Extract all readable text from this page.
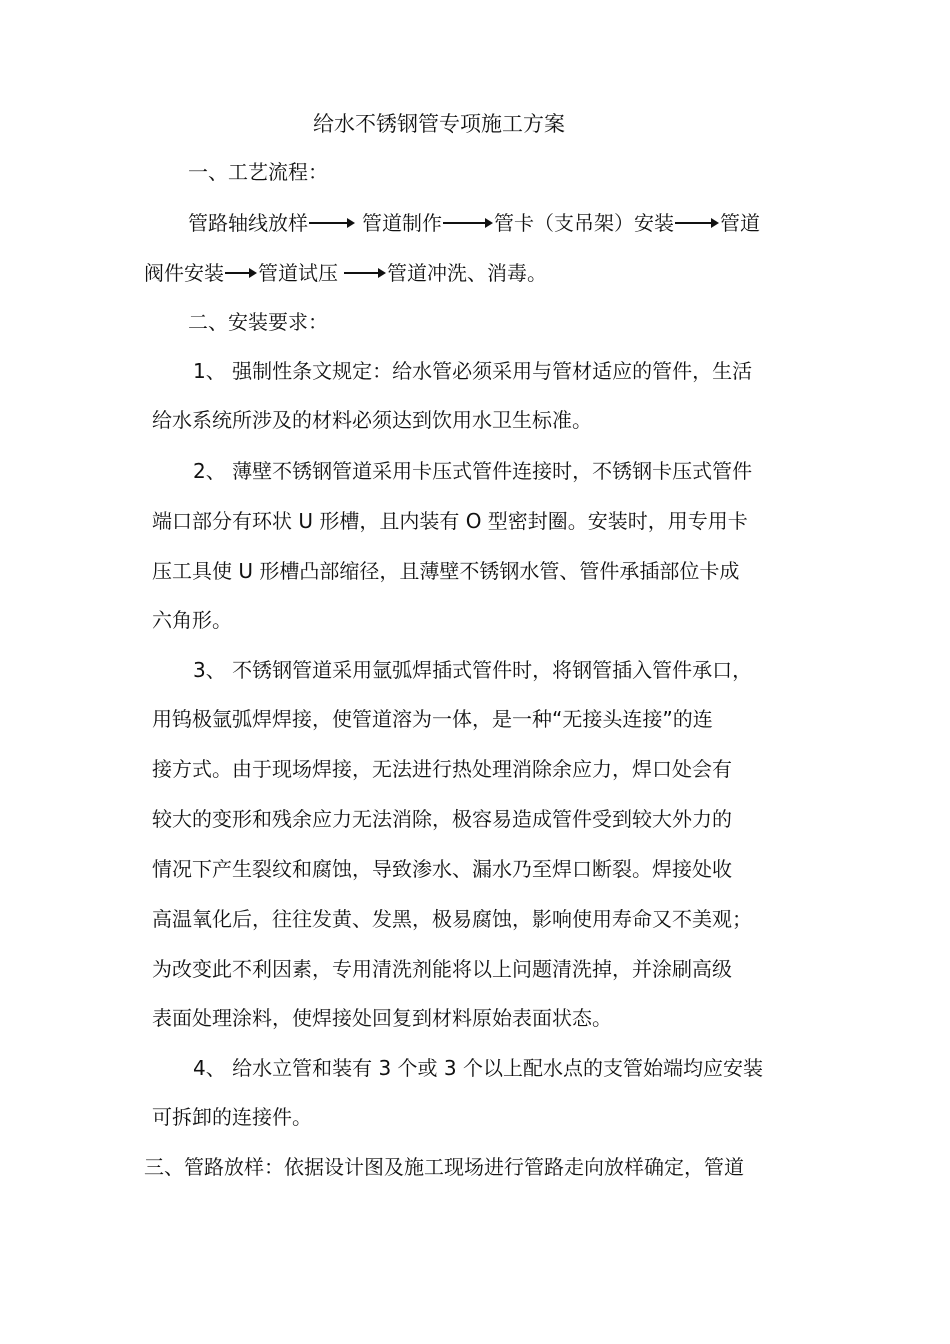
给水不锈钢管专项施工方案
一、工艺流程：
管路轴线放样	管道制作	管卡（支吊架）安装 管道
阀件安装 管道试压 管道冲洗、消毒。
二、安装要求：
1、 强制性条文规定：给水管必须采用与管材适应的管件，生活
给水系统所涉及的材料必须达到饮用水卫生标准。
2、 薄壁不锈钢管道采用卡压式管件连接时，不锈钢卡压式管件
端口部分有环状 U 形槽，且内装有 O 型密封圈。安装时，用专用卡
压工具使 U 形槽凸部缩径，且薄壁不锈钢水管、管件承插部位卡成
六角形。
3、 不锈钢管道采用氩弧焊插式管件时，将钢管插入管件承口，
用钨极氩弧焊焊接，使管道溶为一体，是一种“无接头连接”的连
接方式。由于现场焊接，无法进行热处理消除余应力，焊口处会有
较大的变形和残余应力无法消除，极容易造成管件受到较大外力的
情况下产生裂纹和腐蚀，导致渗水、漏水乃至焊口断裂。焊接处收
高温氧化后，往往发黄、发黑，极易腐蚀，影响使用寿命又不美观；
为改变此不利因素，专用清洗剂能将以上问题清洗掉，并涂刷高级
表面处理涂料，使焊接处回复到材料原始表面状态。
4、 给水立管和装有 3 个或 3 个以上配水点的支管始端均应安装
可拆卸的连接件。
三、管路放样：依据设计图及施工现场进行管路走向放样确定，管道
